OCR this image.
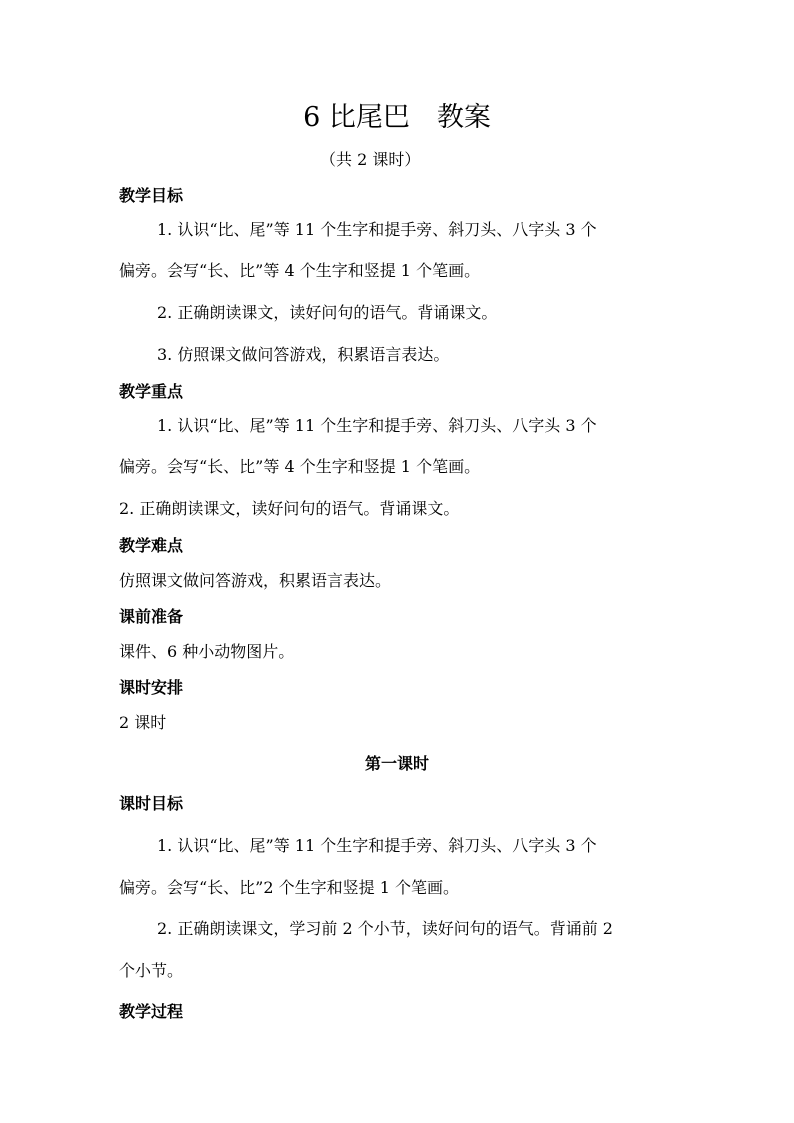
6 比尾巴　教案
（共 2 课时）
教学目标
1. 认识“比、尾”等 11 个生字和提手旁、斜刀头、八字头 3 个
偏旁。会写“长、比”等 4 个生字和竖提 1 个笔画。
2. 正确朗读课文，读好问句的语气。背诵课文。
3. 仿照课文做问答游戏，积累语言表达。
教学重点
1. 认识“比、尾”等 11 个生字和提手旁、斜刀头、八字头 3 个
偏旁。会写“长、比”等 4 个生字和竖提 1 个笔画。
2. 正确朗读课文，读好问句的语气。背诵课文。
教学难点
仿照课文做问答游戏，积累语言表达。
课前准备
课件、6 种小动物图片。
课时安排
2 课时
第一课时
课时目标
1. 认识“比、尾”等 11 个生字和提手旁、斜刀头、八字头 3 个
偏旁。会写“长、比”2 个生字和竖提 1 个笔画。
2. 正确朗读课文，学习前 2 个小节，读好问句的语气。背诵前 2
个小节。
教学过程
